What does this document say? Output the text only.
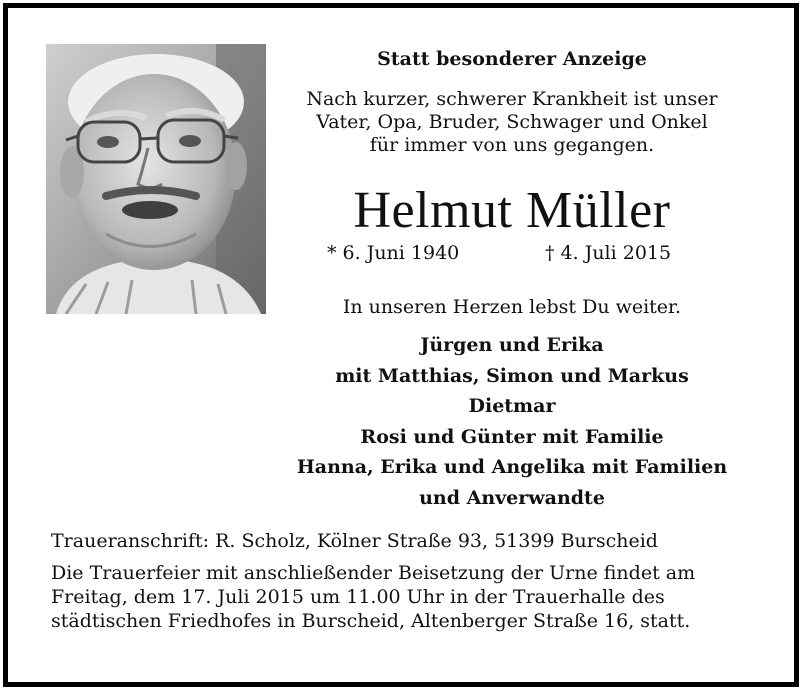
Statt besonderer Anzeige
Nach kurzer, schwerer Krankheit ist unser
Vater, Opa, Bruder, Schwager und Onkel
für immer von uns gegangen.
Helmut Müller
* 6. Juni 1940	† 4. Juli 2015
In unseren Herzen lebst Du weiter.
Jürgen und Erika
mit Matthias, Simon und Markus
Dietmar
Rosi und Günter mit Familie
Hanna, Erika und Angelika mit Familien
und Anverwandte
Traueranschrift: R. Scholz, Kölner Straße 93, 51399 Burscheid
Die Trauerfeier mit anschließender Beisetzung der Urne findet am
Freitag, dem 17. Juli 2015 um 11.00 Uhr in der Trauerhalle des
städtischen Friedhofes in Burscheid, Altenberger Straße 16, statt.
